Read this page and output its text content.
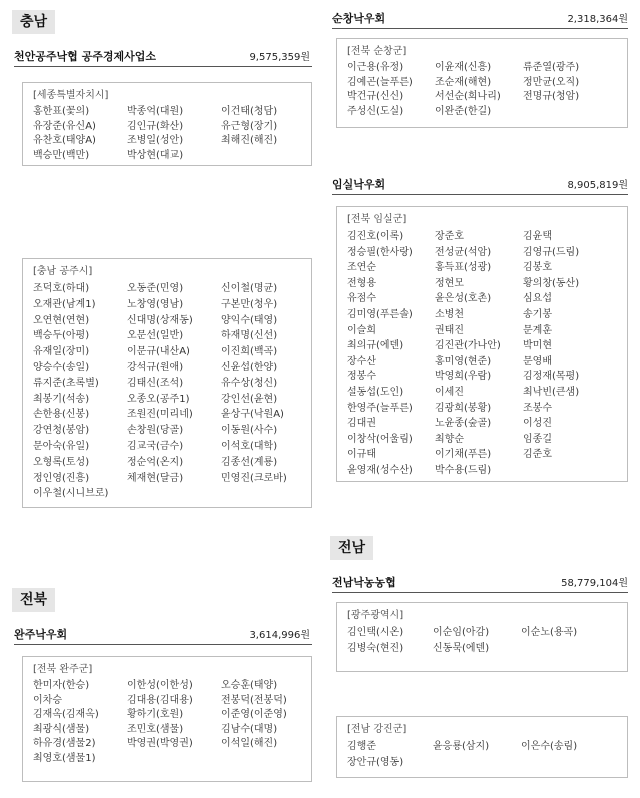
충남
천안공주낙협 공주경제사업소	9,575,359원
[세종특별자치시]
홍한표(꽃의)	박종억(대원)	이건태(청담)
유장준(유신A)	김인규(화산)	유근형(장기)
유찬호(태양A)	조병일(성안)	최해진(해진)
백승만(백만)	박상현(대교)
[충남 공주시]
조덕호(하대)	오동준(민영)	신이철(명균)
오재관(남계1)	노창영(영남)	구본만(청우)
오연현(연현)	신대명(상재동)	양익수(태영)
백승두(아평)	오문선(일반)	하재명(신선)
유재일(장미)	이문규(내산A)	이진희(백곡)
양승수(송일)	강석규(원애)	신윤섭(한양)
류지준(초록별)	김태신(조석)	유수상(청신)
최봉기(석송)	오종오(공주1)	강인선(윤현)
손한용(신봉)	조원진(미리네)	윤상구(낙원A)
강연청(봉암)	손창원(당골)	이동원(사수)
문아숙(유일)	김교국(금수)	이석호(대학)
오형록(토성)	정순억(온지)	김종선(계룡)
정인영(진흥)	체재현(달금)	민영진(크로바)
이우철(시니브로)
전북
완주낙우회	3,614,996원
[전북 완주군]
한미자(한승)	이한성(이한성)	오승훈(태양)
이차승	김대용(김대용)	전봉덕(전봉덕)
김재옥(김재옥)	황하기(호원)	이준영(이준영)
최광식(샘물)	조민호(샘물)	김남수(대명)
하유경(샘물2)	박영권(박영권)	이석일(해진)
최영호(샘물1)
순창낙우회	2,318,364원
[전북 순창군]
이근용(유정)	이윤재(신흥)	류준열(광주)
김예곤(늘푸른)	조순재(해현)	정만균(오직)
박건규(신신)	서선순(희나리)	전명규(청암)
주성신(도실)	이완준(한길)
임실낙우회	8,905,819원
[전북 임실군]
김진호(이록)	장준호	김윤택
정승필(한사랑)	전성균(석암)	김영규(드림)
조연순	홍득표(성광)	김봉호
전형용	정현모	황의창(동산)
유점수	윤은성(호촌)	심요섭
김미영(푸른솔)	소병천	송기봉
이슬희	권태진	문계훈
최의규(에덴)	김진관(가나안)	박미현
장수산	홍미영(현준)	문영배
정봉수	박영희(우람)	김정재(목평)
설동섭(도인)	이세진	최낙빈(큰샘)
한영주(늘푸른)	김광희(봉황)	조봉수
김대권	노윤종(숲골)	이성진
이창삭(어울림)	최향순	임종길
이규태	이기채(푸른)	김준호
윤영재(성수산)	박수용(드림)
전남
전남낙농농협	58,779,104원
[광주광역시]
김인택(시온)	이순임(아감)	이순노(용곡)
김병숙(현진)	신동묵(에덴)
[전남 강진군]
김행준	윤응룡(삼지)	이은수(송림)
장안규(영동)
